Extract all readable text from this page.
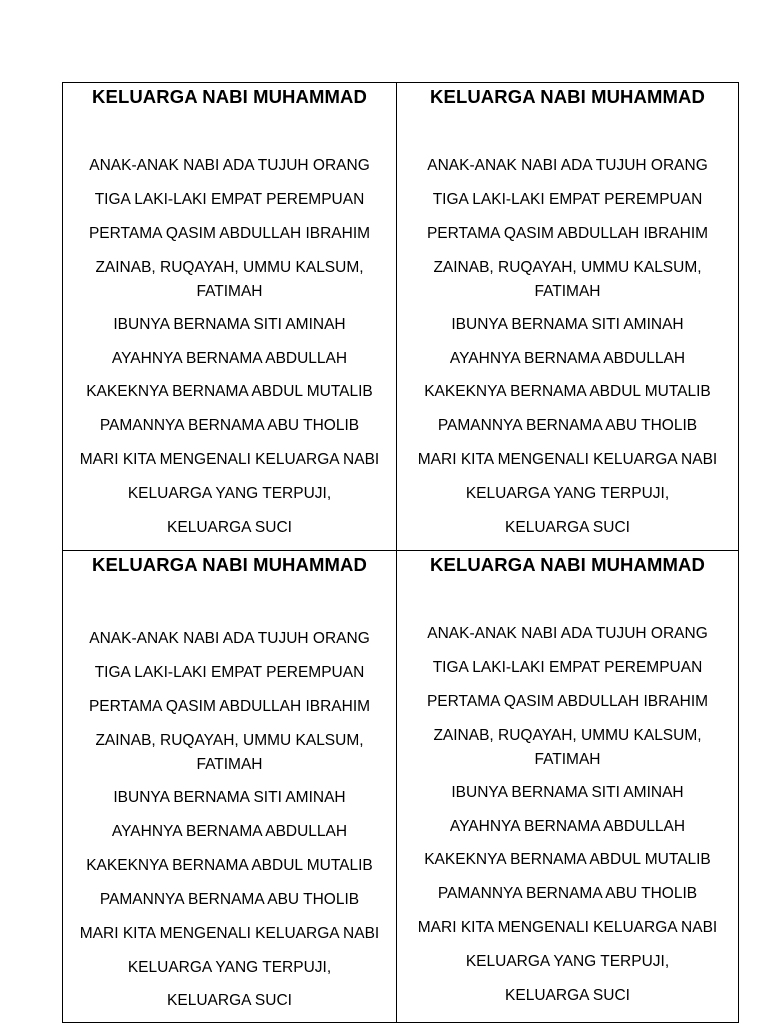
KELUARGA NABI MUHAMMAD
ANAK-ANAK NABI ADA TUJUH ORANG
TIGA LAKI-LAKI EMPAT PEREMPUAN
PERTAMA QASIM ABDULLAH IBRAHIM
ZAINAB, RUQAYAH, UMMU KALSUM, FATIMAH
IBUNYA BERNAMA SITI AMINAH
AYAHNYA BERNAMA ABDULLAH
KAKEKNYA BERNAMA ABDUL MUTALIB
PAMANNYA BERNAMA ABU THOLIB
MARI KITA MENGENALI KELUARGA NABI
KELUARGA YANG TERPUJI,
KELUARGA SUCI
KELUARGA NABI MUHAMMAD
ANAK-ANAK NABI ADA TUJUH ORANG
TIGA LAKI-LAKI EMPAT PEREMPUAN
PERTAMA QASIM ABDULLAH IBRAHIM
ZAINAB, RUQAYAH, UMMU KALSUM, FATIMAH
IBUNYA BERNAMA SITI AMINAH
AYAHNYA BERNAMA ABDULLAH
KAKEKNYA BERNAMA ABDUL MUTALIB
PAMANNYA BERNAMA ABU THOLIB
MARI KITA MENGENALI KELUARGA NABI
KELUARGA YANG TERPUJI,
KELUARGA SUCI
KELUARGA NABI MUHAMMAD
ANAK-ANAK NABI ADA TUJUH ORANG
TIGA LAKI-LAKI EMPAT PEREMPUAN
PERTAMA QASIM ABDULLAH IBRAHIM
ZAINAB, RUQAYAH, UMMU KALSUM, FATIMAH
IBUNYA BERNAMA SITI AMINAH
AYAHNYA BERNAMA ABDULLAH
KAKEKNYA BERNAMA ABDUL MUTALIB
PAMANNYA BERNAMA ABU THOLIB
MARI KITA MENGENALI KELUARGA NABI
KELUARGA YANG TERPUJI,
KELUARGA SUCI
KELUARGA NABI MUHAMMAD
ANAK-ANAK NABI ADA TUJUH ORANG
TIGA LAKI-LAKI EMPAT PEREMPUAN
PERTAMA QASIM ABDULLAH IBRAHIM
ZAINAB, RUQAYAH, UMMU KALSUM, FATIMAH
IBUNYA BERNAMA SITI AMINAH
AYAHNYA BERNAMA ABDULLAH
KAKEKNYA BERNAMA ABDUL MUTALIB
PAMANNYA BERNAMA ABU THOLIB
MARI KITA MENGENALI KELUARGA NABI
KELUARGA YANG TERPUJI,
KELUARGA SUCI
